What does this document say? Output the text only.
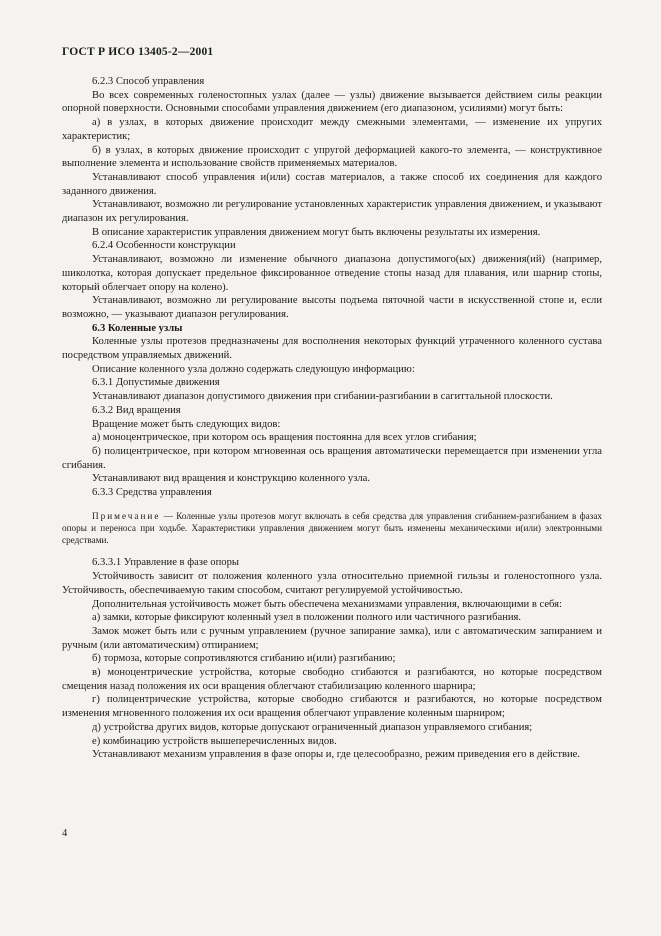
ГОСТ Р ИСО 13405-2—2001

6.2.3 Способ управления

Во всех современных голеностопных узлах (далее — узлы) движение вызывается действием силы реакции опорной поверхности. Основными способами управления движением (его диапазоном, усилиями) могут быть:

а) в узлах, в которых движение происходит между смежными элементами, — изменение их упругих характеристик;

б) в узлах, в которых движение происходит с упругой деформацией какого-то элемента, — конструктивное выполнение элемента и использование свойств применяемых материалов.

Устанавливают способ управления и(или) состав материалов, а также способ их соединения для каждого заданного движения.

Устанавливают, возможно ли регулирование установленных характеристик управления движением, и указывают диапазон их регулирования.

В описание характеристик управления движением могут быть включены результаты их измерения.

6.2.4 Особенности конструкции

Устанавливают, возможно ли изменение обычного диапазона допустимого(ых) движения(ий) (например, шиколотка, которая допускает предельное фиксированное отведение стопы назад для плавания, или шарнир стопы, который облегчает опору на колено).

Устанавливают, возможно ли регулирование высоты подъема пяточной части в искусственной стопе и, если возможно, — указывают диапазон регулирования.

6.3 Коленные узлы

Коленные узлы протезов предназначены для восполнения некоторых функций утраченного коленного сустава посредством управляемых движений.

Описание коленного узла должно содержать следующую информацию:

6.3.1 Допустимые движения

Устанавливают диапазон допустимого движения при сгибании-разгибании в сагиттальной плоскости.

6.3.2 Вид вращения

Вращение может быть следующих видов:

а) моноцентрическое, при котором ось вращения постоянна для всех углов сгибания;

б) полицентрическое, при котором мгновенная ось вращения автоматически перемещается при изменении угла сгибания.

Устанавливают вид вращения и конструкцию коленного узла.

6.3.3 Средства управления

Примечание — Коленные узлы протезов могут включать в себя средства для управления сгибанием-разгибанием в фазах опоры и переноса при ходьбе. Характеристики управления движением могут быть изменены механическими и(или) электронными средствами.

6.3.3.1 Управление в фазе опоры

Устойчивость зависит от положения коленного узла относительно приемной гильзы и голеностопного узла. Устойчивость, обеспечиваемую таким способом, считают регулируемой устойчивостью.

Дополнительная устойчивость может быть обеспечена механизмами управления, включающими в себя:

а) замки, которые фиксируют коленный узел в положении полного или частичного разгибания.

Замок может быть или с ручным управлением (ручное запирание замка), или с автоматическим запиранием и ручным (или автоматическим) отпиранием;

б) тормоза, которые сопротивляются сгибанию и(или) разгибанию;

в) моноцентрические устройства, которые свободно сгибаются и разгибаются, но которые посредством смещения назад положения их оси вращения облегчают стабилизацию коленного шарнира;

г) полицентрические устройства, которые свободно сгибаются и разгибаются, но которые посредством изменения мгновенного положения их оси вращения облегчают управление коленным шарниром;

д) устройства других видов, которые допускают ограниченный диапазон управляемого сгибания;

е) комбинацию устройств вышеперечисленных видов.

Устанавливают механизм управления в фазе опоры и, где целесообразно, режим приведения его в действие.

4
